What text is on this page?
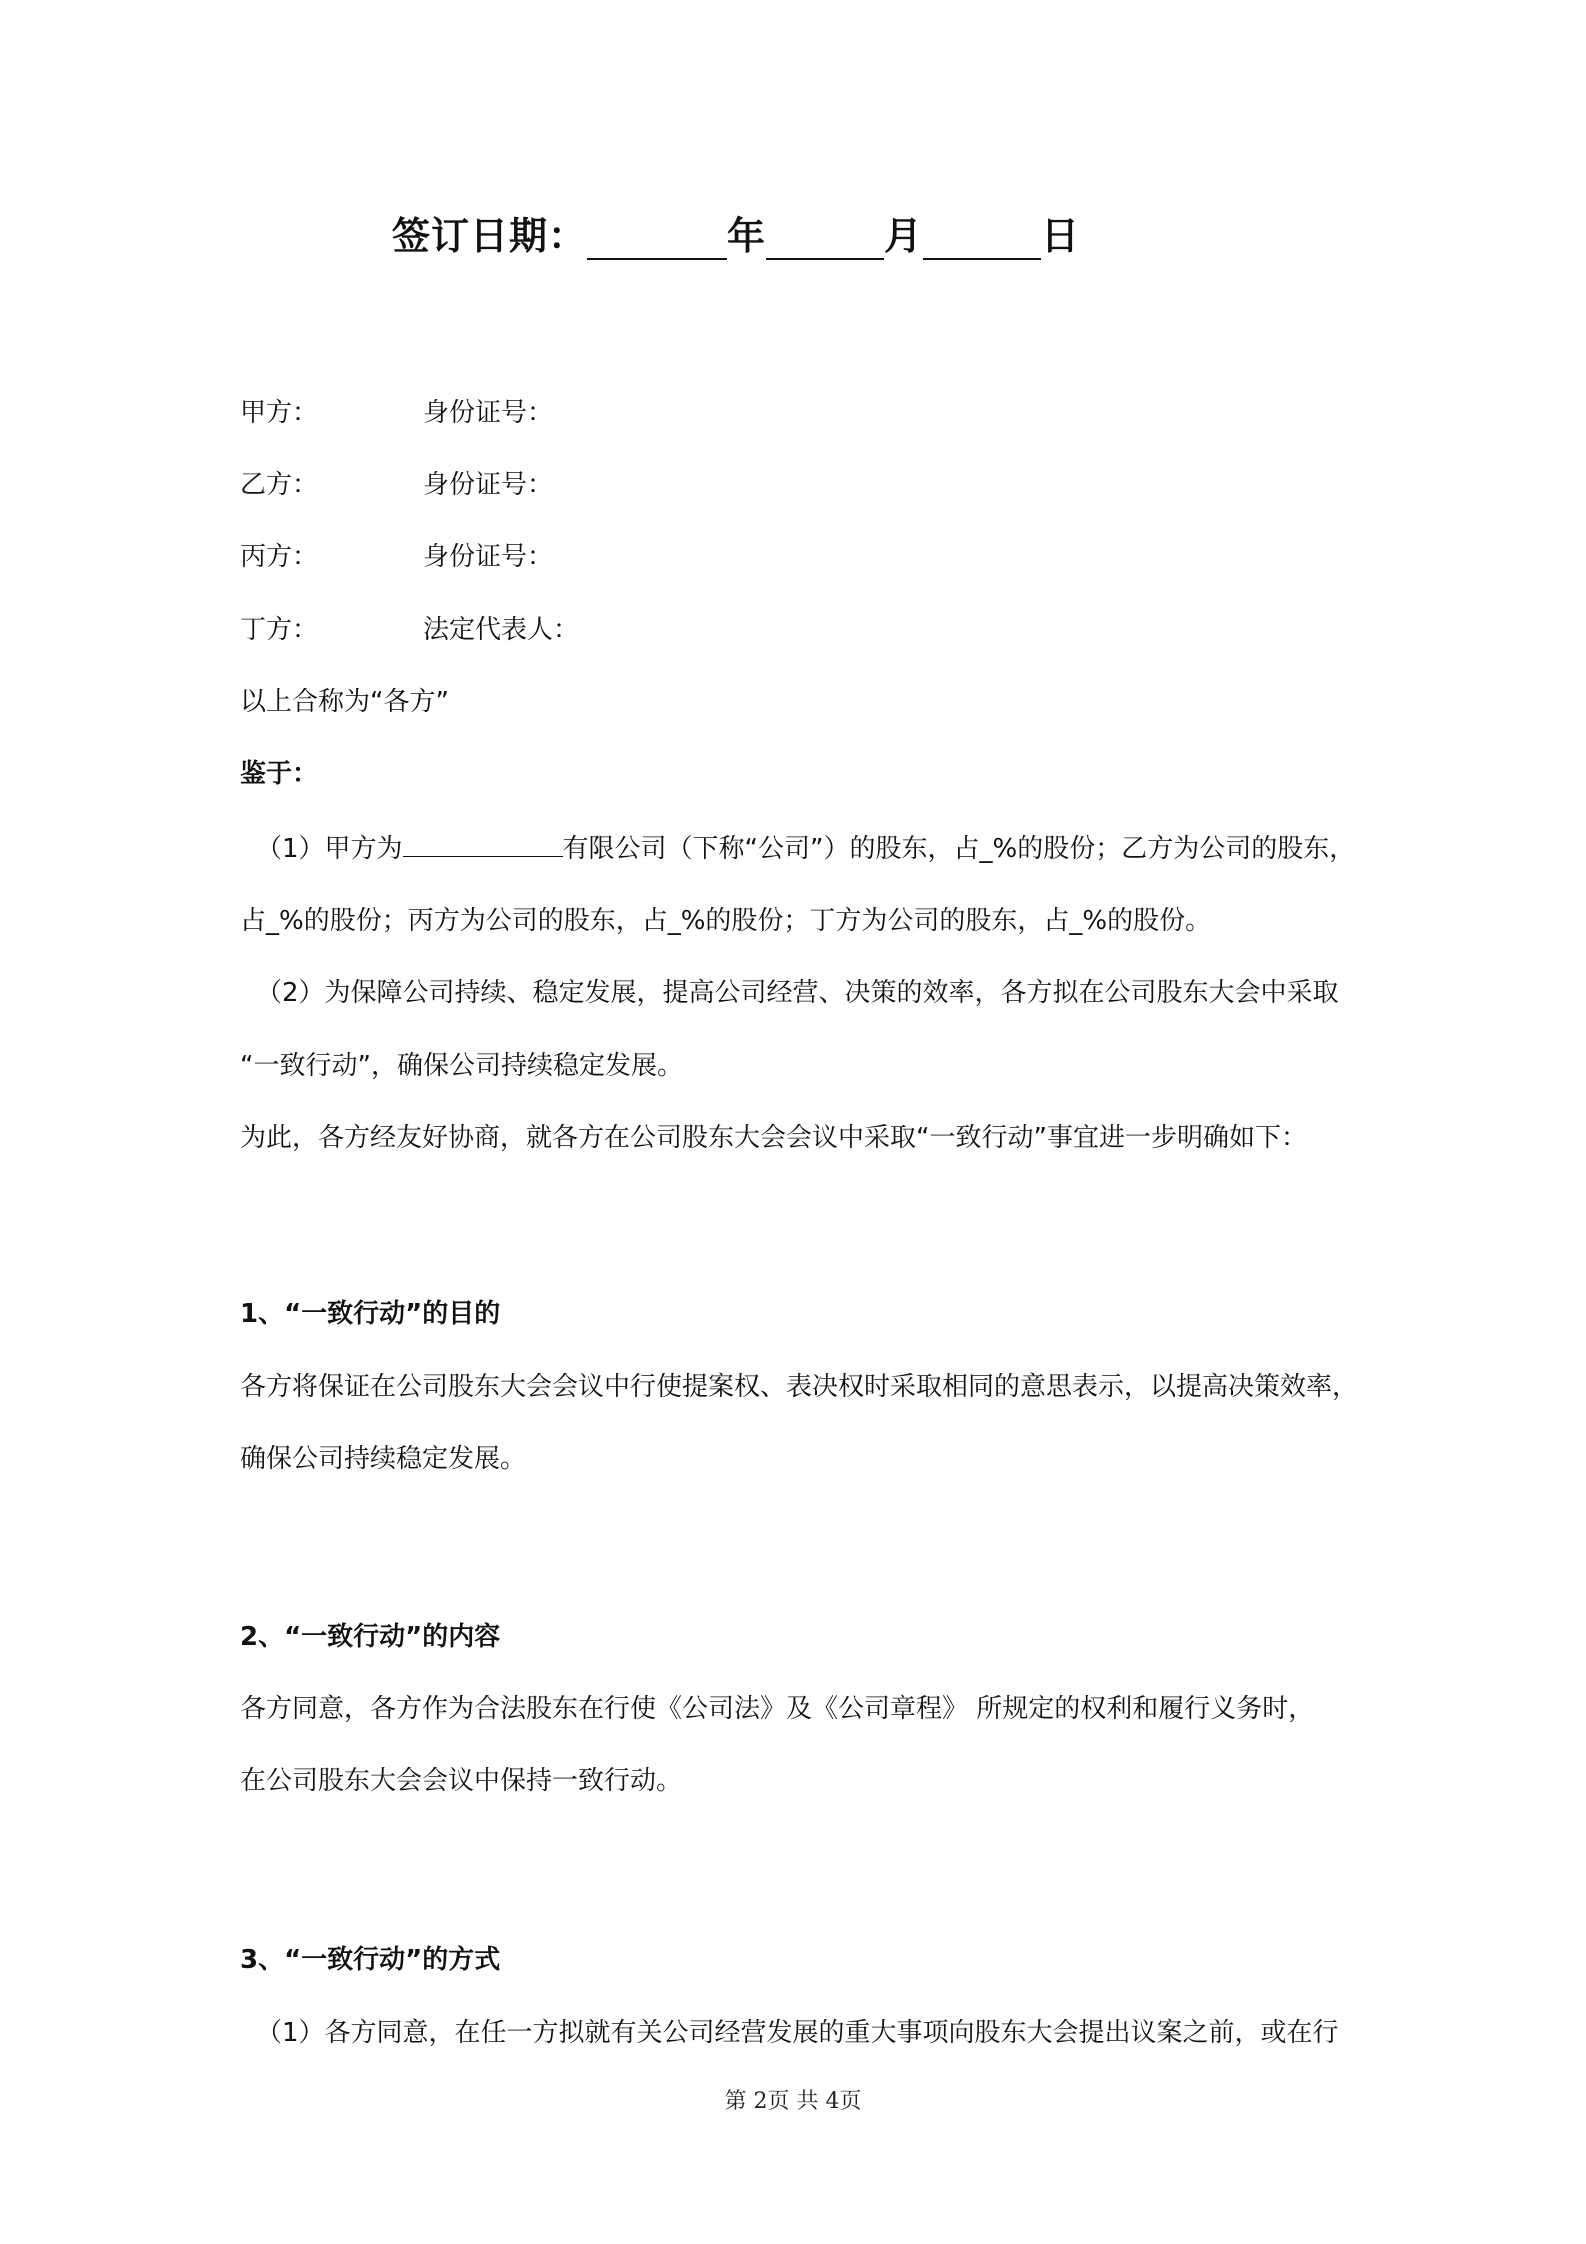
签订日期：	年	月	日
甲方：	身份证号：
乙方：	身份证号：
丙方：	身份证号：
丁方：	法定代表人：
以上合称为“各方”
鉴于：
（1）甲方为	有限公司（下称“公司”）的股东，占_%的股份；乙方为公司的股东，
占_%的股份；丙方为公司的股东，占_%的股份；丁方为公司的股东，占_%的股份。
（2）为保障公司持续、稳定发展，提高公司经营、决策的效率，各方拟在公司股东大会中采取
“一致行动”，确保公司持续稳定发展。
为此，各方经友好协商，就各方在公司股东大会会议中采取“一致行动”事宜进一步明确如下：
1、“一致行动”的目的
各方将保证在公司股东大会会议中行使提案权、表决权时采取相同的意思表示，以提高决策效率，
确保公司持续稳定发展。
2、“一致行动”的内容
各方同意，各方作为合法股东在行使《公司法》及《公司章程》 所规定的权利和履行义务时，
在公司股东大会会议中保持一致行动。
3、“一致行动”的方式
（1）各方同意，在任一方拟就有关公司经营发展的重大事项向股东大会提出议案之前，或在行
第 2页 共 4页
